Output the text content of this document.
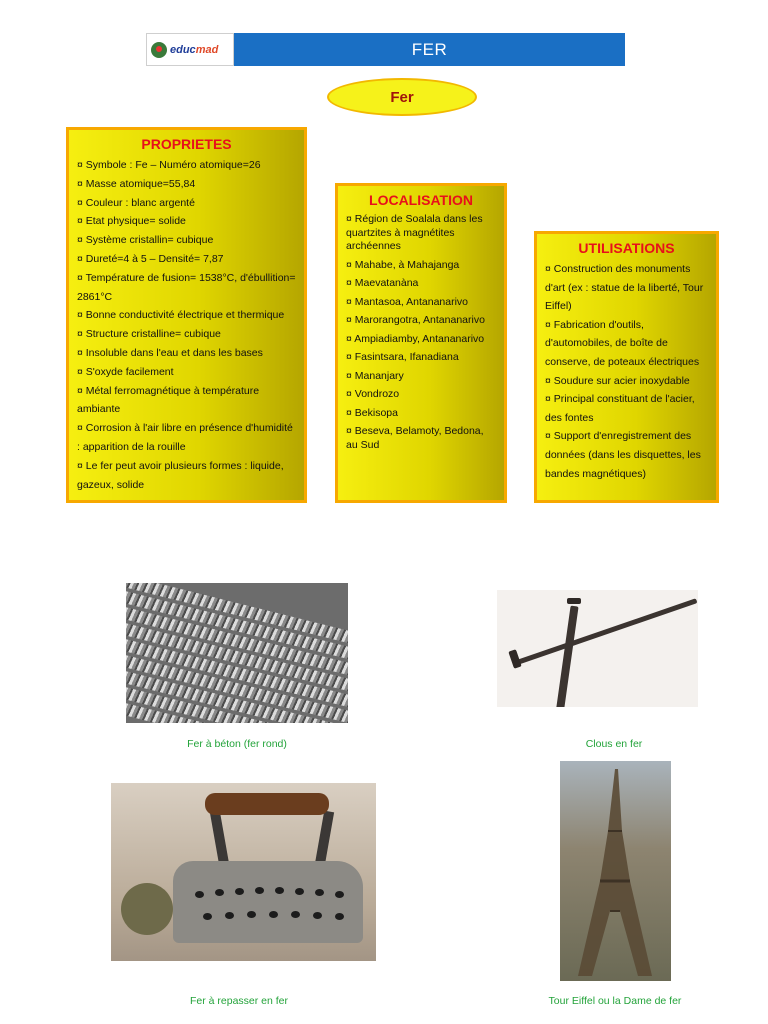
educmad	FER
Fer
PROPRIETES
¤ Symbole : Fe – Numéro atomique=26
¤ Masse atomique=55,84
¤ Couleur : blanc argenté
¤ Etat physique= solide
¤ Système cristallin= cubique
¤ Dureté=4 à 5 – Densité= 7,87
¤ Température de fusion= 1538°C, d'ébullition= 2861°C
¤ Bonne conductivité électrique et thermique
¤ Structure cristalline= cubique
¤ Insoluble dans l'eau et dans les bases
¤ S'oxyde facilement
¤ Métal ferromagnétique à température ambiante
¤ Corrosion à l'air libre en présence d'humidité : apparition de la rouille
¤ Le fer peut avoir plusieurs formes : liquide, gazeux, solide
LOCALISATION
¤ Région de Soalala dans les quartzites à magnétites archéennes
¤ Mahabe, à Mahajanga
¤ Maevatanàna
¤ Mantasoa, Antananarivo
¤ Marorangotra, Antananarivo
¤ Ampiadiamby, Antananarivo
¤ Fasintsara, Ifanadiana
¤ Mananjary
¤ Vondrozo
¤ Bekisopa
¤ Beseva, Belamoty, Bedona, au Sud
UTILISATIONS
¤ Construction des monuments d'art (ex : statue de la liberté, Tour Eiffel)
¤ Fabrication d'outils, d'automobiles, de boîte de conserve, de poteaux électriques
¤ Soudure sur acier inoxydable
¤ Principal constituant de l'acier, des fontes
¤ Support d'enregistrement des données (dans les disquettes, les bandes magnétiques)
Fer à béton (fer rond)	Clous en fer
Fer à repasser en fer	Tour Eiffel ou la Dame de fer
